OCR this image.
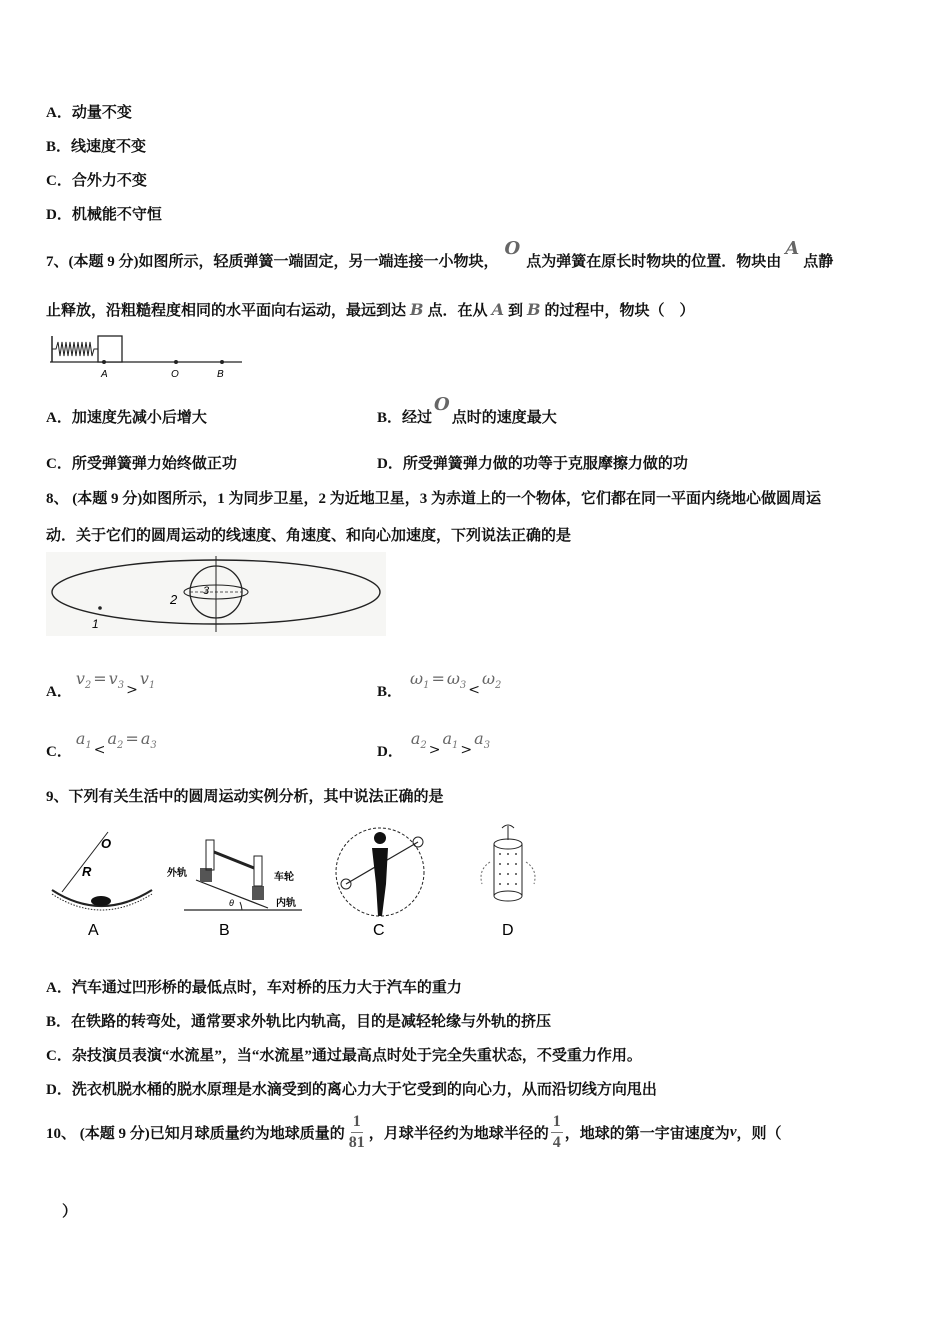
A．动量不变
B．线速度不变
C．合外力不变
D．机械能不守恒
7、(本题 9 分)如图所示，轻质弹簧一端固定，另一端连接一小物块，O点为弹簧在原长时物块的位置．物块由A点静
止释放，沿粗糙程度相同的水平面向右运动，最远到达 B 点．在从 A 到 B 的过程中，物块（　）
A	O	B
A．加速度先减小后增大	B．经过O点时的速度最大
C．所受弹簧弹力始终做正功	D．所受弹簧弹力做的功等于克服摩擦力做的功
8、 (本题 9 分)如图所示，1 为同步卫星，2 为近地卫星，3 为赤道上的一个物体，它们都在同一平面内绕地心做圆周运
动．关于它们的圆周运动的线速度、角速度、和向心加速度，下列说法正确的是
1
2
3
A．$v_2 = v_3 >v_1$	B．$\omega_1 = \omega_3 <\omega_2$
C．$a_1 <a_2 = a_3$	D．$a_2 >a_1 >a_3$
9、下列有关生活中的圆周运动实例分析，其中说法正确的是
O
R
A
外轨	车轮
内轨
θ
B	C	D
A．汽车通过凹形桥的最低点时，车对桥的压力大于汽车的重力
B．在铁路的转弯处，通常要求外轨比内轨高，目的是减轻轮缘与外轨的挤压
C．杂技演员表演“水流星”，当“水流星”通过最高点时处于完全失重状态，不受重力作用。
D．洗衣机脱水桶的脱水原理是水滴受到的离心力大于它受到的向心力，从而沿切线方向甩出
10、
(本题 9 分) 已知月球质量约为地球质量的 $\frac{1}{81}$ ，月球半径约为地球半径的 $\frac{1}{4}$ ，地球的第一宇宙速度为 v ，则（
）
